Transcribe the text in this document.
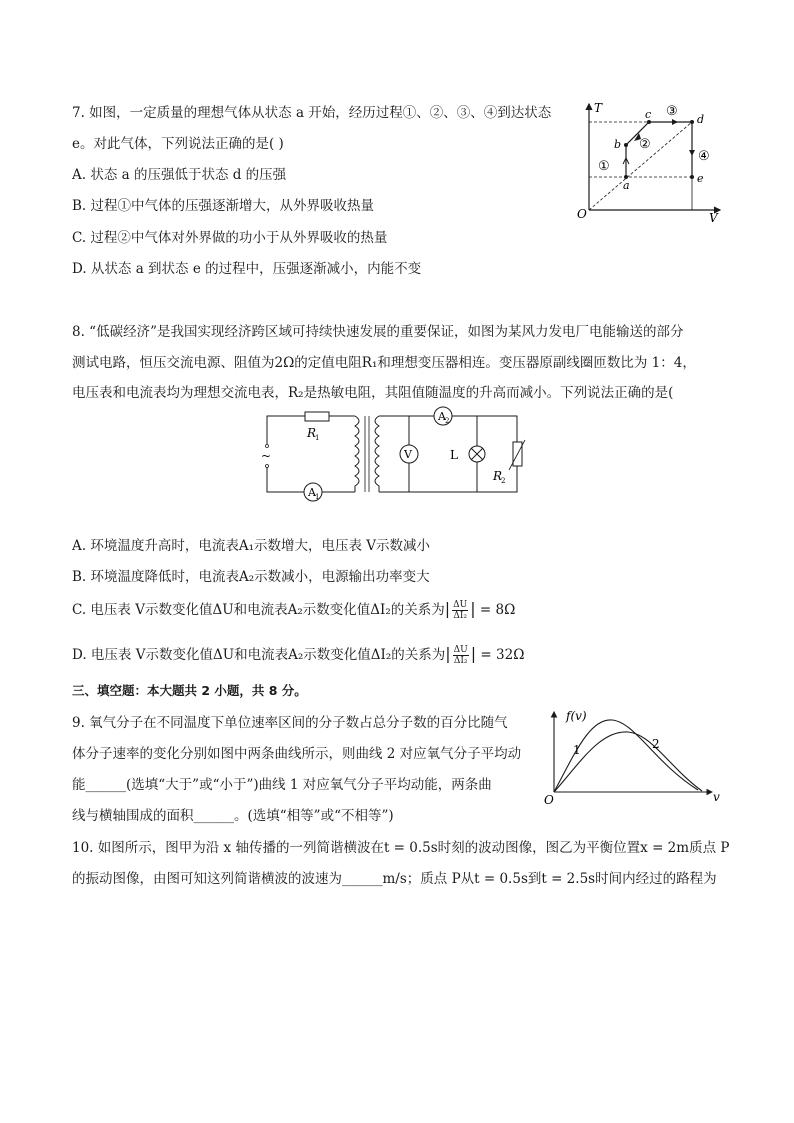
7. 如图，一定质量的理想气体从状态 a 开始，经历过程①、②、③、④到达状态
e。对此气体，下列说法正确的是( )
A. 状态 a 的压强低于状态 d 的压强
B. 过程①中气体的压强逐渐增大，从外界吸收热量
C. 过程②中气体对外界做的功小于从外界吸收的热量
D. 从状态 a 到状态 e 的过程中，压强逐渐减小，内能不变
T
V
O
a
b
c	d
e
①
②
③
④
8. “低碳经济”是我国实现经济跨区域可持续快速发展的重要保证，如图为某风力发电厂电能输送的部分
测试电路，恒压交流电源、阻值为2Ω的定值电阻R₁和理想变压器相连。变压器原副线圈匝数比为 1：4，
电压表和电流表均为理想交流电表，R₂是热敏电阻，其阻值随温度的升高而减小。下列说法正确的是(
A 1
~
R
1
A 2
V	L
R
2
A. 环境温度升高时，电流表A₁示数增大，电压表 V示数减小
B. 环境温度降低时，电流表A₂示数减小，电源输出功率变大
C. 电压表 V示数变化值ΔU和电流表A₂示数变化值ΔI₂的关系为| $\frac{\Delta U}{\text{ΔI₂}}$ | = 8Ω
D. 电压表 V示数变化值ΔU和电流表A₂示数变化值ΔI₂的关系为| $\frac{\Delta U}{\text{ΔI₂}}$ | = 32Ω
三、填空题：本大题共 2 小题，共 8 分。
9. 氧气分子在不同温度下单位速率区间的分子数占总分子数的百分比随气
体分子速率的变化分别如图中两条曲线所示，则曲线 2 对应氧气分子平均动
能______(选填“大于”或“小于”)曲线 1 对应氧气分子平均动能，两条曲
线与横轴围成的面积______。(选填“相等”或“不相等”)
f(v)
v
O
1	2
10. 如图所示，图甲为沿 x 轴传播的一列简谐横波在t = 0.5s时刻的波动图像，图乙为平衡位置x = 2m质点 P
的振动图像，由图可知这列简谐横波的波速为______m/s；质点 P从t = 0.5s到t = 2.5s时间内经过的路程为
